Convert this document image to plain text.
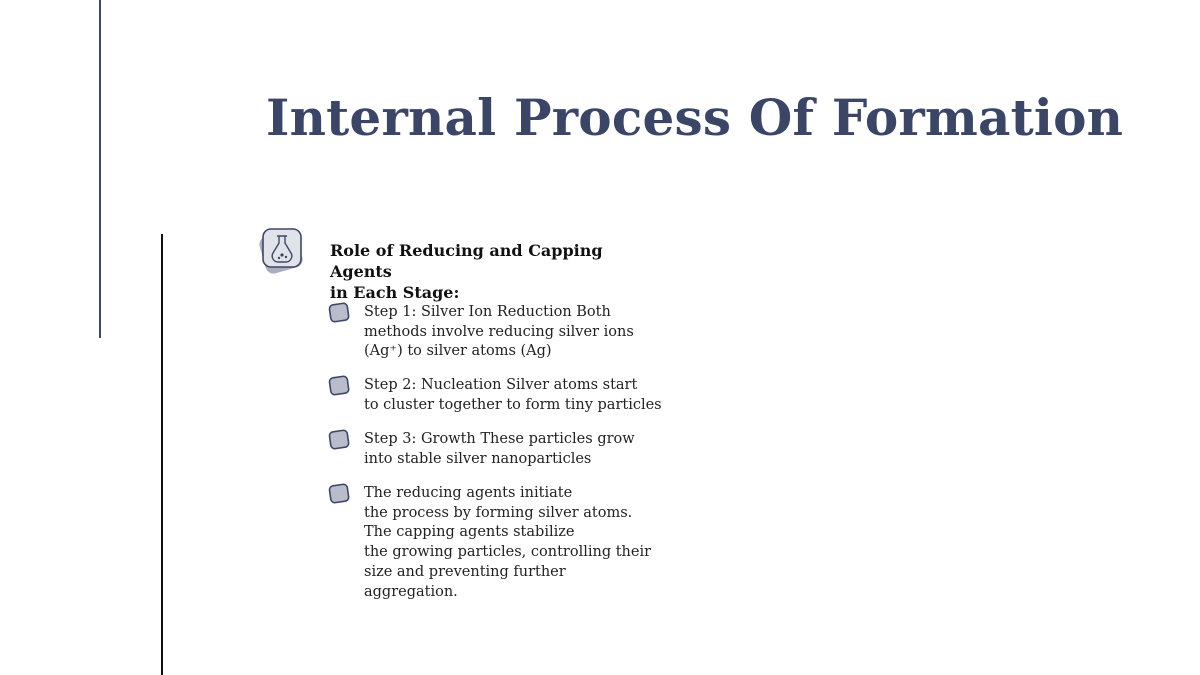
Internal Process Of Formation
Role of Reducing and Capping Agents
in Each Stage:
Step 1: Silver Ion Reduction Both
methods involve reducing silver ions
(Ag⁺) to silver atoms (Ag)
Step 2: Nucleation Silver atoms start
to cluster together to form tiny particles
Step 3: Growth These particles grow
into stable silver nanoparticles
The reducing agents initiate
the process by forming silver atoms.
The capping agents stabilize
the growing particles, controlling their
size and preventing further
aggregation.
